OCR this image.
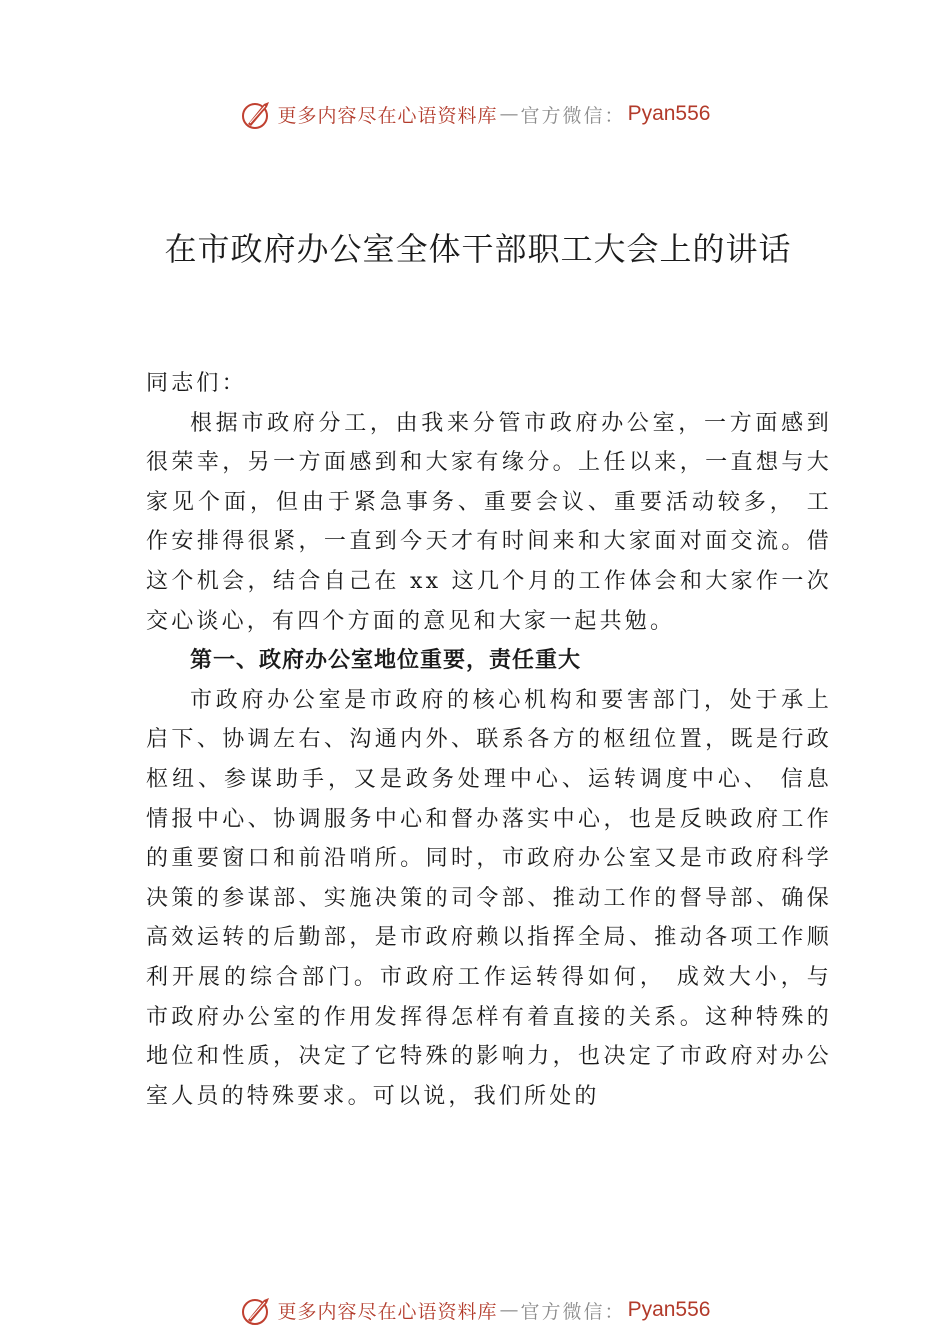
更多内容尽在心语资料库 — 官方微信： Pyan556
在市政府办公室全体干部职工大会上的讲话

同志们：

根据市政府分工，由我来分管市政府办公室，一方面感到很荣幸，另一方面感到和大家有缘分。上任以来，一直想与大家见个面，但由于紧急事务、重要会议、重要活动较多， 工作安排得很紧，一直到今天才有时间来和大家面对面交流。借这个机会，结合自己在 xx 这几个月的工作体会和大家作一次交心谈心，有四个方面的意见和大家一起共勉。

第一、政府办公室地位重要，责任重大

市政府办公室是市政府的核心机构和要害部门，处于承上启下、协调左右、沟通内外、联系各方的枢纽位置，既是行政枢纽、参谋助手，又是政务处理中心、运转调度中心、 信息情报中心、协调服务中心和督办落实中心，也是反映政府工作的重要窗口和前沿哨所。同时，市政府办公室又是市政府科学决策的参谋部、实施决策的司令部、推动工作的督导部、确保高效运转的后勤部，是市政府赖以指挥全局、推动各项工作顺利开展的综合部门。市政府工作运转得如何， 成效大小，与市政府办公室的作用发挥得怎样有着直接的关系。这种特殊的地位和性质，决定了它特殊的影响力，也决定了市政府对办公室人员的特殊要求。可以说，我们所处的

更多内容尽在心语资料库 — 官方微信： Pyan556
